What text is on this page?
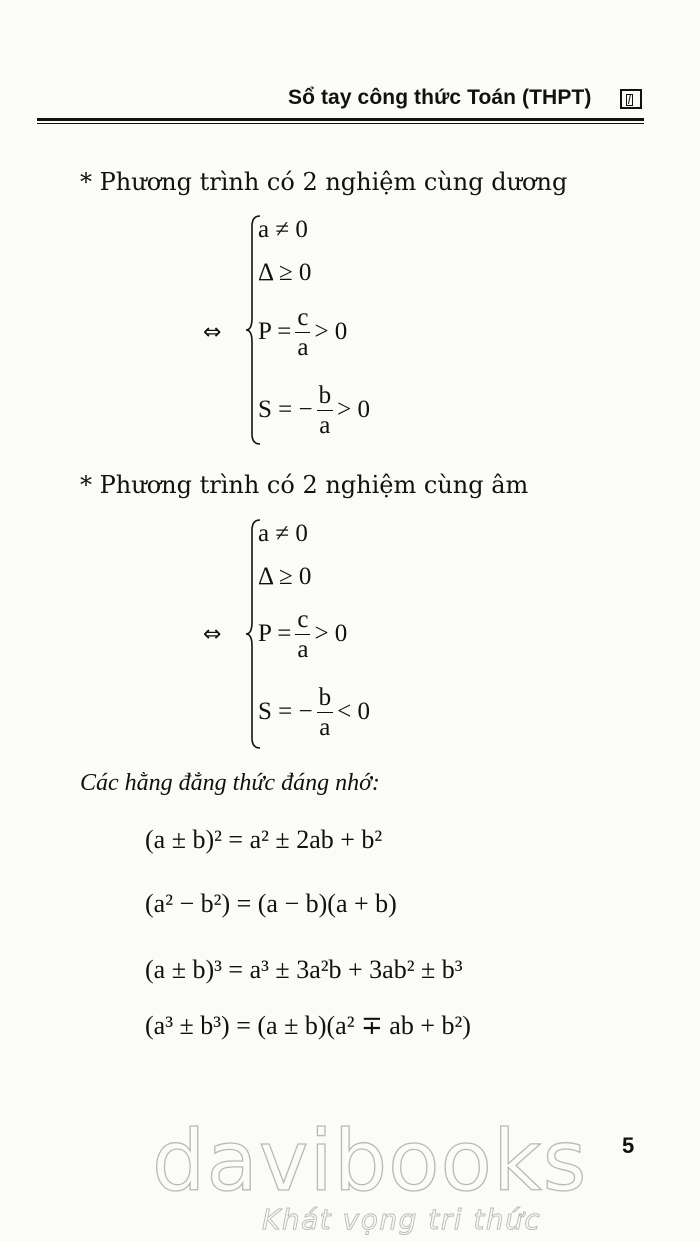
Sổ tay công thức Toán (THPT)
* Phương trình có 2 nghiệm cùng dương
⇔
a ≠ 0
Δ ≥ 0
$P = \frac{c}{a} > 0$
S = − $\frac{b}{a} > 0$
* Phương trình có 2 nghiệm cùng âm
⇔
a ≠ 0
Δ ≥ 0
$P = \frac{c}{a} > 0$
S = − $\frac{b}{a} < 0$
Các hằng đẳng thức đáng nhớ:
(a ± b)² = a² ± 2ab + b²
(a² − b²) = (a − b)(a + b)
(a ± b)³ = a³ ± 3a²b + 3ab² ± b³
(a³ ± b³) = (a ± b)(a² ∓ ab + b²)
5
davibooks
Khát vọng tri thức
